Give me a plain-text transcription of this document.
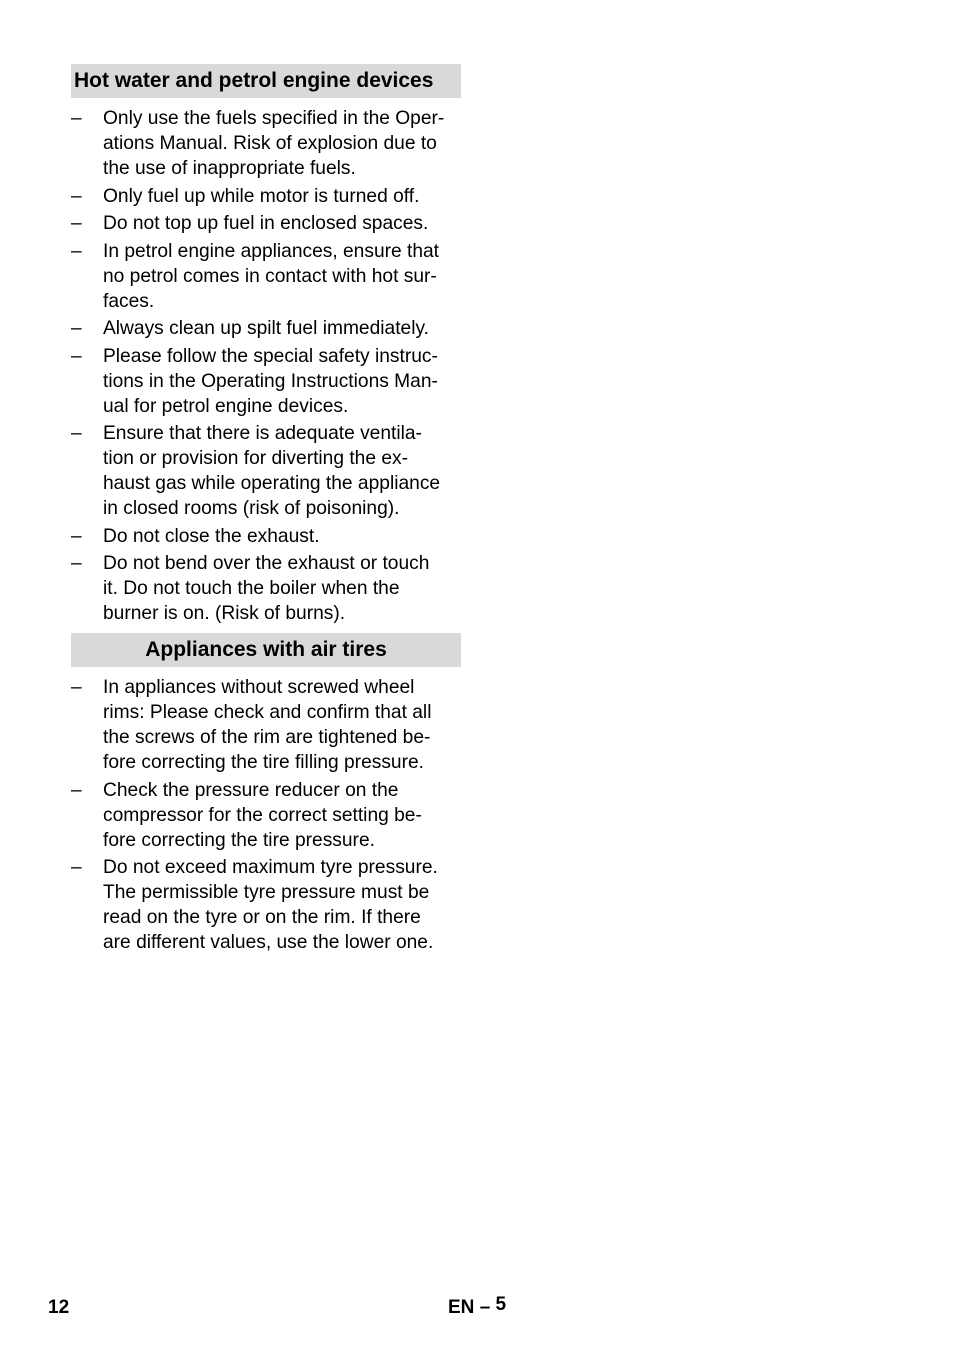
Hot water and petrol engine devices
– Only use the fuels specified in the Oper-
ations Manual. Risk of explosion due to
the use of inappropriate fuels.
– Only fuel up while motor is turned off.
– Do not top up fuel in enclosed spaces.
– In petrol engine appliances, ensure that
no petrol comes in contact with hot sur-
faces.
– Always clean up spilt fuel immediately.
– Please follow the special safety instruc-
tions in the Operating Instructions Man-
ual for petrol engine devices.
– Ensure that there is adequate ventila-
tion or provision for diverting the ex-
haust gas while operating the appliance
in closed rooms (risk of poisoning).
– Do not close the exhaust.
– Do not bend over the exhaust or touch
it. Do not touch the boiler when the
burner is on. (Risk of burns).
Appliances with air tires
– In appliances without screwed wheel
rims: Please check and confirm that all
the screws of the rim are tightened be-
fore correcting the tire filling pressure.
– Check the pressure reducer on the
compressor for the correct setting be-
fore correcting the tire pressure.
– Do not exceed maximum tyre pressure.
The permissible tyre pressure must be
read on the tyre or on the rim. If there
are different values, use the lower one.
12	EN – 5
